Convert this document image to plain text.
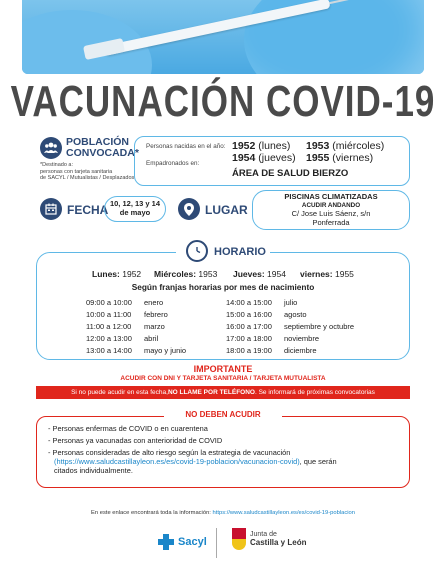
VACUNACIÓN COVID-19
POBLACIÓN
CONVOCADA*
*Destinado a:
personas con tarjeta sanitaria
de SACYL / Mutualistas / Desplazados
Personas nacidas en el año:
Empadronados en:
1952 (lunes) 1953 (miércoles)
1954 (jueves) 1955 (viernes)
ÁREA DE SALUD BIERZO
FECHA 10, 12, 13 y 14
de mayo	LUGAR
PISCINAS CLIMATIZADAS
ACUDIR ANDANDO
C/ Jose Luis Sáenz, s/n
Ponferrada
HORARIO
Lunes: 1952 Miércoles: 1953 Jueves: 1954 viernes: 1955
Según franjas horarias por mes de nacimiento
09:00 a 10:00 enero
10:00 a 11:00 febrero
11:00 a 12:00 marzo
12:00 a 13:00 abril
13:00 a 14:00 mayo y junio
14:00 a 15:00 julio
15:00 a 16:00 agosto
16:00 a 17:00 septiembre y octubre
17:00 a 18:00 noviembre
18:00 a 19:00 diciembre
IMPORTANTE
ACUDIR CON DNI Y TARJETA SANITARIA / TARJETA MUTUALISTA
Si no puede acudir en esta fecha, NO LLAME POR TELÉFONO . Se informará de próximas convocatorias
NO DEBEN ACUDIR
- Personas enfermas de COVID o en cuarentena
- Personas ya vacunadas con anterioridad de COVID
- Personas consideradas de alto riesgo según la estrategia de vacunación
(https://www.saludcastillayleon.es/es/covid-19-poblacion/vacunacion-covid), que serán
citados individualmente.
En este enlace encontrará toda la información: https://www.saludcastillayleon.es/es/covid-19-poblacion
Sacyl
Junta de
Castilla y León
